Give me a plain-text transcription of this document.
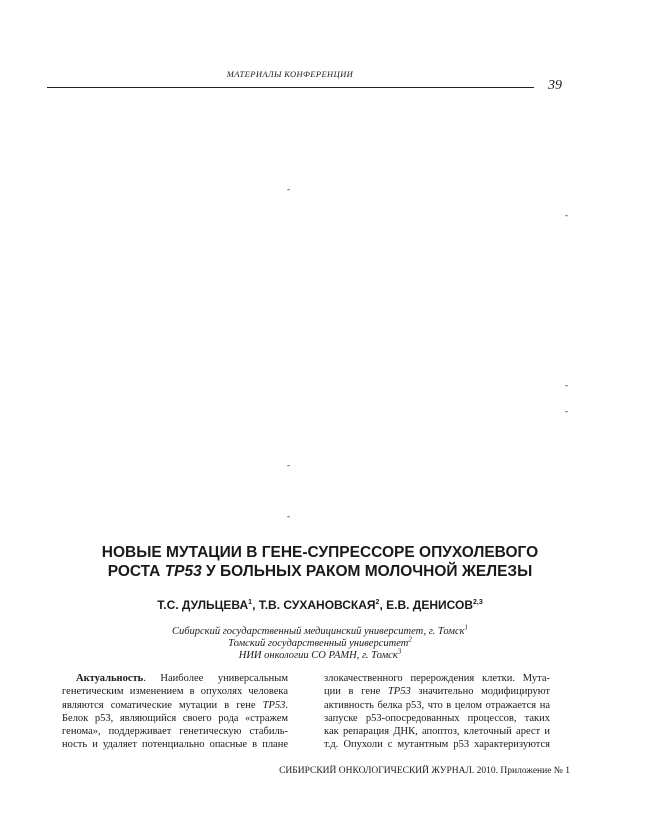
МАТЕРИАЛЫ КОНФЕРЕНЦИИ
39
-
-
-
-
-
-
НОВЫЕ МУТАЦИИ В ГЕНЕ-СУПРЕССОРЕ ОПУХОЛЕВОГО
РОСТА TP53 У БОЛЬНЫХ РАКОМ МОЛОЧНОЙ ЖЕЛЕЗЫ
Т.С. ДУЛЬЦЕВА$^1$, Т.В. СУХАНОВСКАЯ$^2$, Е.В. ДЕНИСОВ$^{2,3}$
Сибирский государственный медицинский университет, г. Томск$^1$
Томский государственный университет$^2$
НИИ онкологии СО РАМН, г. Томск$^3$
Актуальность. Наиболее универсальным
генетическим изменением в опухолях человека
являются соматические мутации в гене TP53.
Белок p53, являющийся своего рода «стражем
генома», поддерживает генетическую стабиль-
ность и удаляет потенциально опасные в плане
злокачественного перерождения клетки. Мута-
ции в гене TP53 значительно модифицируют
активность белка p53, что в целом отражается на
запуске p53-опосредованных процессов, таких
как репарация ДНК, апоптоз, клеточный арест и
т.д. Опухоли с мутантным p53 характеризуются
СИБИРСКИЙ ОНКОЛОГИЧЕСКИЙ ЖУРНАЛ. 2010. Приложение № 1
